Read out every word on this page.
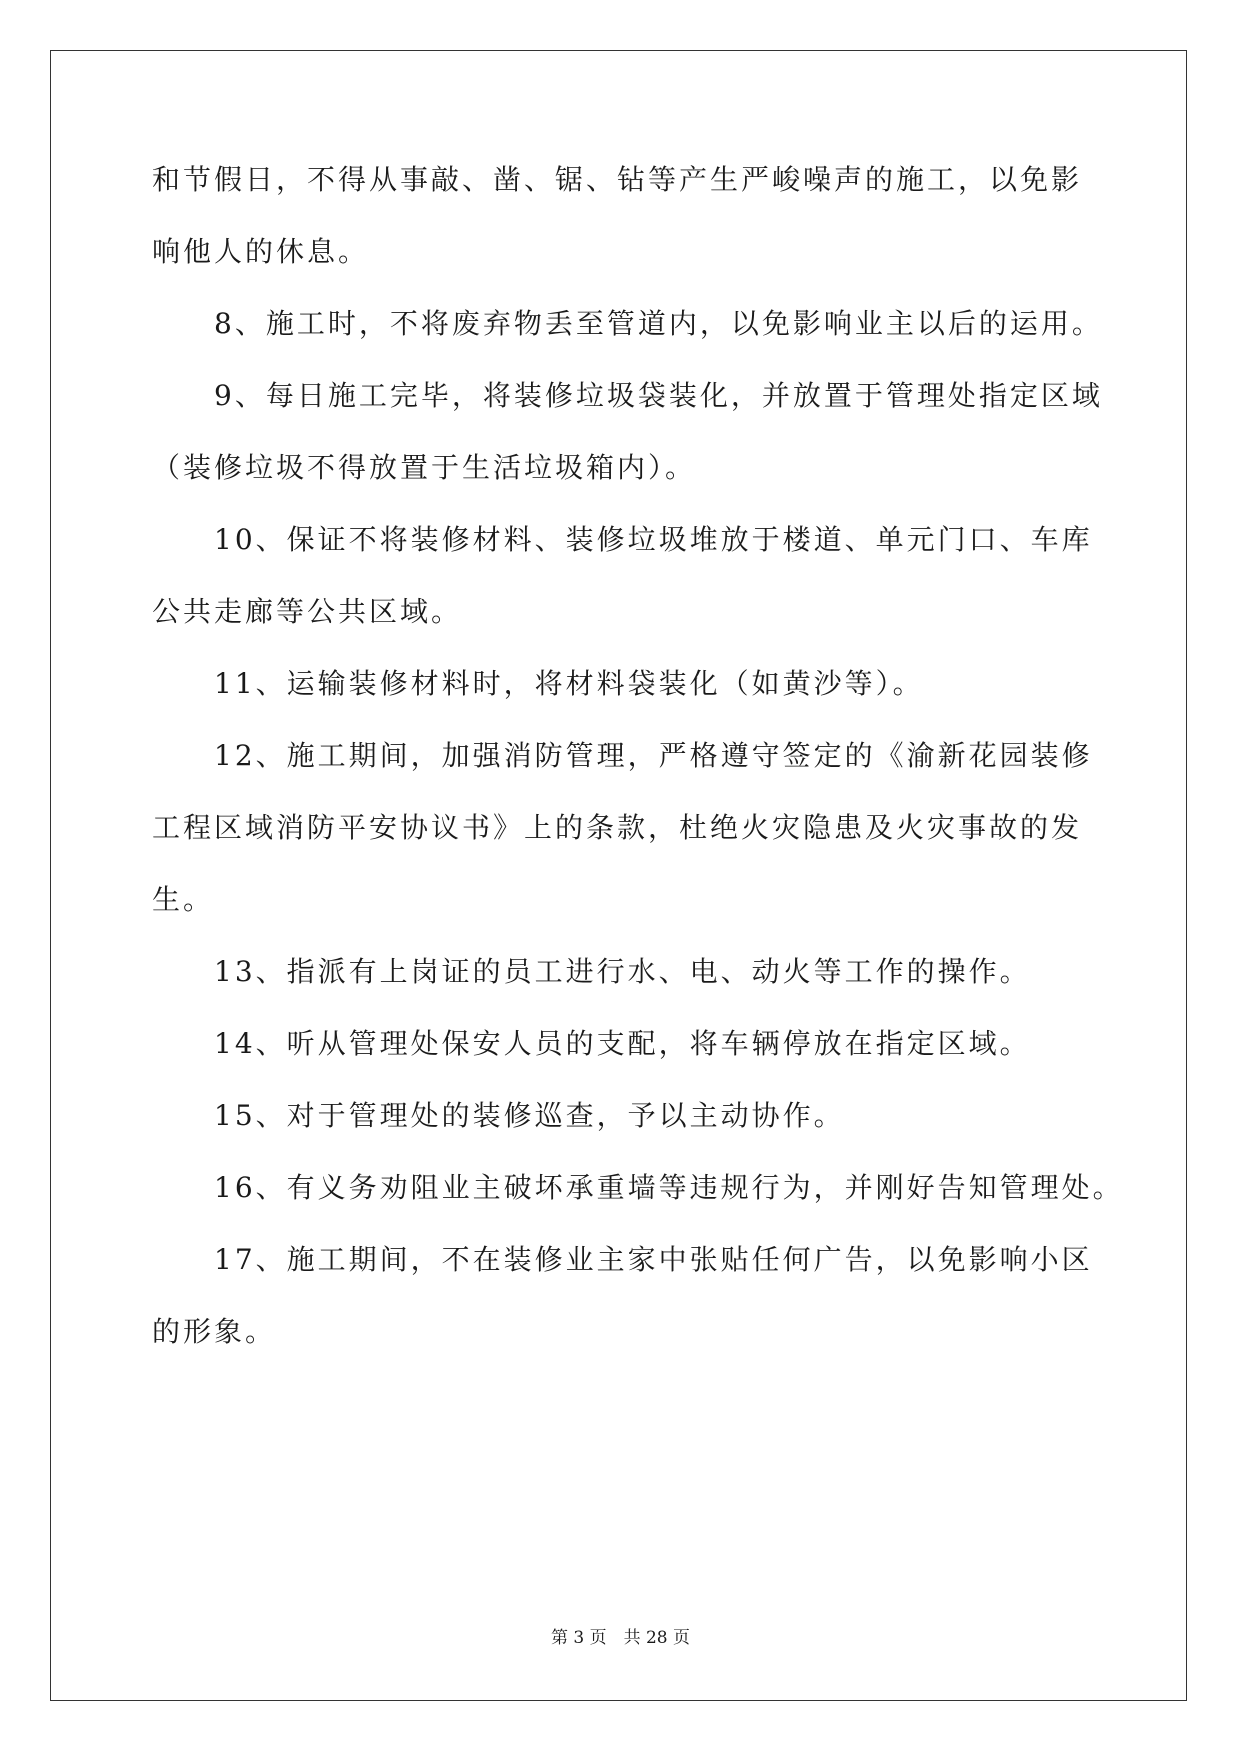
和节假日，不得从事敲、凿、锯、钻等产生严峻噪声的施工，以免影
响他人的休息。
8、施工时，不将废弃物丢至管道内，以免影响业主以后的运用。
9、每日施工完毕，将装修垃圾袋装化，并放置于管理处指定区域
（装修垃圾不得放置于生活垃圾箱内）。
10、保证不将装修材料、装修垃圾堆放于楼道、单元门口、车库
公共走廊等公共区域。
11、运输装修材料时，将材料袋装化（如黄沙等）。
12、施工期间，加强消防管理，严格遵守签定的《渝新花园装修
工程区域消防平安协议书》上的条款，杜绝火灾隐患及火灾事故的发
生。
13、指派有上岗证的员工进行水、电、动火等工作的操作。
14、听从管理处保安人员的支配，将车辆停放在指定区域。
15、对于管理处的装修巡查，予以主动协作。
16、有义务劝阻业主破坏承重墙等违规行为，并刚好告知管理处。
17、施工期间，不在装修业主家中张贴任何广告，以免影响小区
的形象。
第 3 页　共 28 页
